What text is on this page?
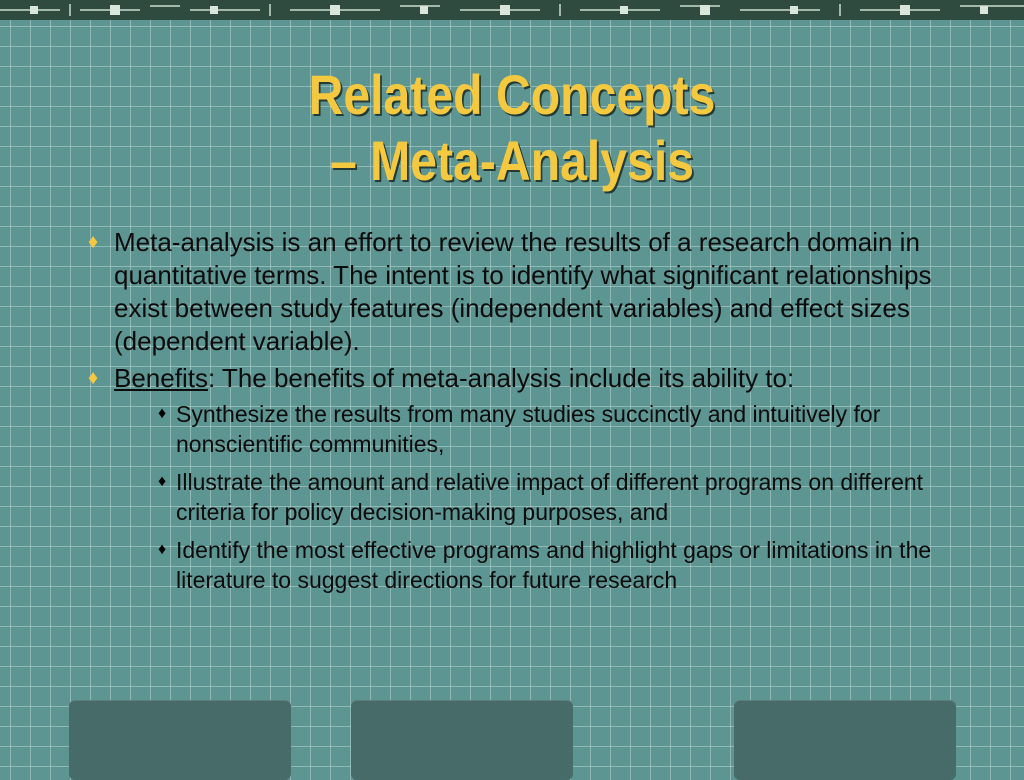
Related Concepts
– Meta-Analysis
♦ Meta-analysis is an effort to review the results of a research domain in quantitative terms. The intent is to identify what significant relationships exist between study features (independent variables) and effect sizes (dependent variable).
♦ Benefits: The benefits of meta-analysis include its ability to:
♦ Synthesize the results from many studies succinctly and intuitively for nonscientific communities,
♦ Illustrate the amount and relative impact of different programs on different criteria for policy decision-making purposes, and
♦ Identify the most effective programs and highlight gaps or limitations in the literature to suggest directions for future research
